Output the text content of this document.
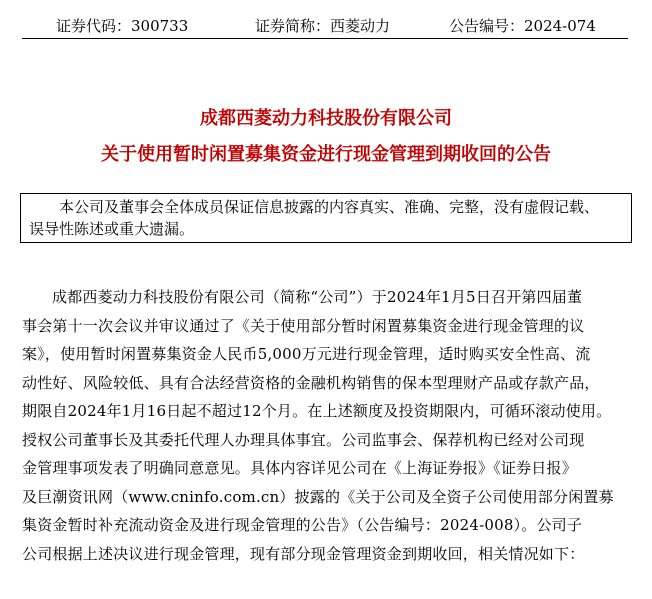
证券代码：300733	证券简称：西菱动力	公告编号：2024-074
成都西菱动力科技股份有限公司
关于使用暂时闲置募集资金进行现金管理到期收回的公告
本公司及董事会全体成员保证信息披露的内容真实、准确、完整，没有虚假记载、
误导性陈述或重大遗漏。
成都西菱动力科技股份有限公司（简称“公司”）于2024年1月5日召开第四届董
事会第十一次会议并审议通过了《关于使用部分暂时闲置募集资金进行现金管理的议
案》，使用暂时闲置募集资金人民币5,000万元进行现金管理，适时购买安全性高、流
动性好、风险较低、具有合法经营资格的金融机构销售的保本型理财产品或存款产品，
期限自2024年1月16日起不超过12个月。在上述额度及投资期限内，可循环滚动使用。
授权公司董事长及其委托代理人办理具体事宜。公司监事会、保荐机构已经对公司现
金管理事项发表了明确同意意见。具体内容详见公司在《上海证券报》《证券日报》
及巨潮资讯网（www.cninfo.com.cn）披露的《关于公司及全资子公司使用部分闲置募
集资金暂时补充流动资金及进行现金管理的公告》（公告编号：2024-008）。公司子
公司根据上述决议进行现金管理，现有部分现金管理资金到期收回，相关情况如下：
